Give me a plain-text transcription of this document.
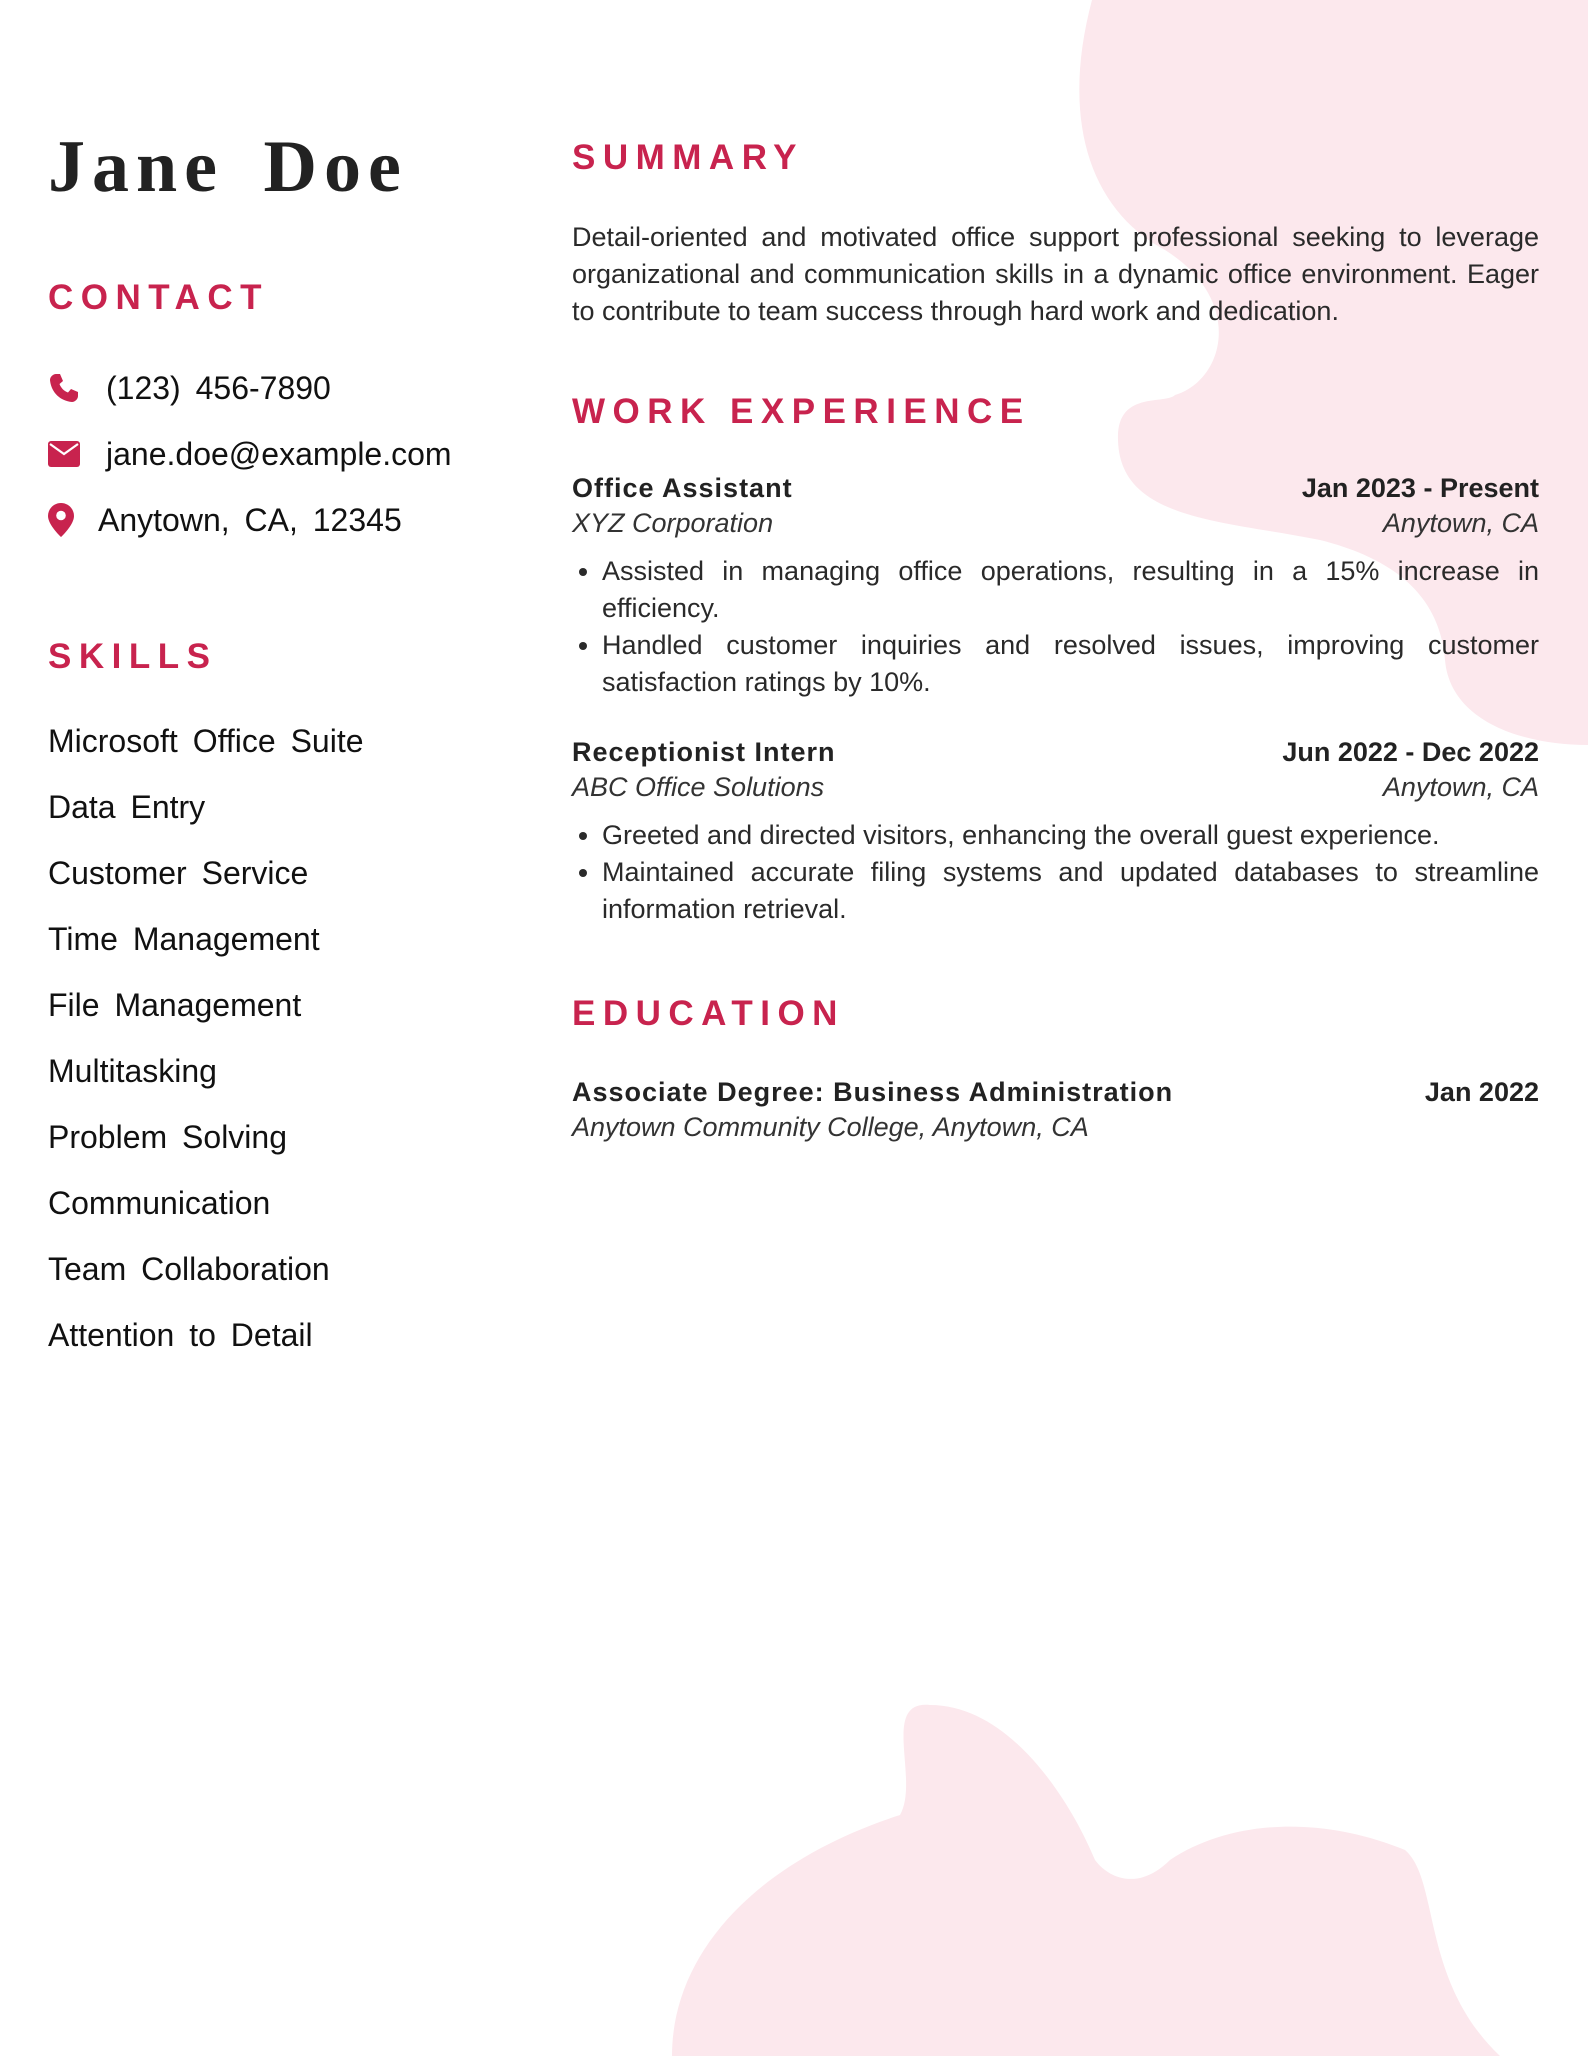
Jane Doe
CONTACT
(123) 456-7890
jane.doe@example.com
Anytown, CA, 12345
SKILLS
Microsoft Office Suite
Data Entry
Customer Service
Time Management
File Management
Multitasking
Problem Solving
Communication
Team Collaboration
Attention to Detail
SUMMARY

Detail-oriented and motivated office support professional seeking to leverage organizational and communication skills in a dynamic office environment. Eager to contribute to team success through hard work and dedication.

WORK EXPERIENCE
Office Assistant	Jan 2023 - Present
XYZ Corporation	Anytown, CA
• Assisted in managing office operations, resulting in a 15% increase in efficiency.
• Handled customer inquiries and resolved issues, improving customer satisfaction ratings by 10%.
Receptionist Intern	Jun 2022 - Dec 2022
ABC Office Solutions	Anytown, CA
• Greeted and directed visitors, enhancing the overall guest experience.
• Maintained accurate filing systems and updated databases to streamline information retrieval.
EDUCATION
Associate Degree: Business Administration	Jan 2022
Anytown Community College, Anytown, CA
